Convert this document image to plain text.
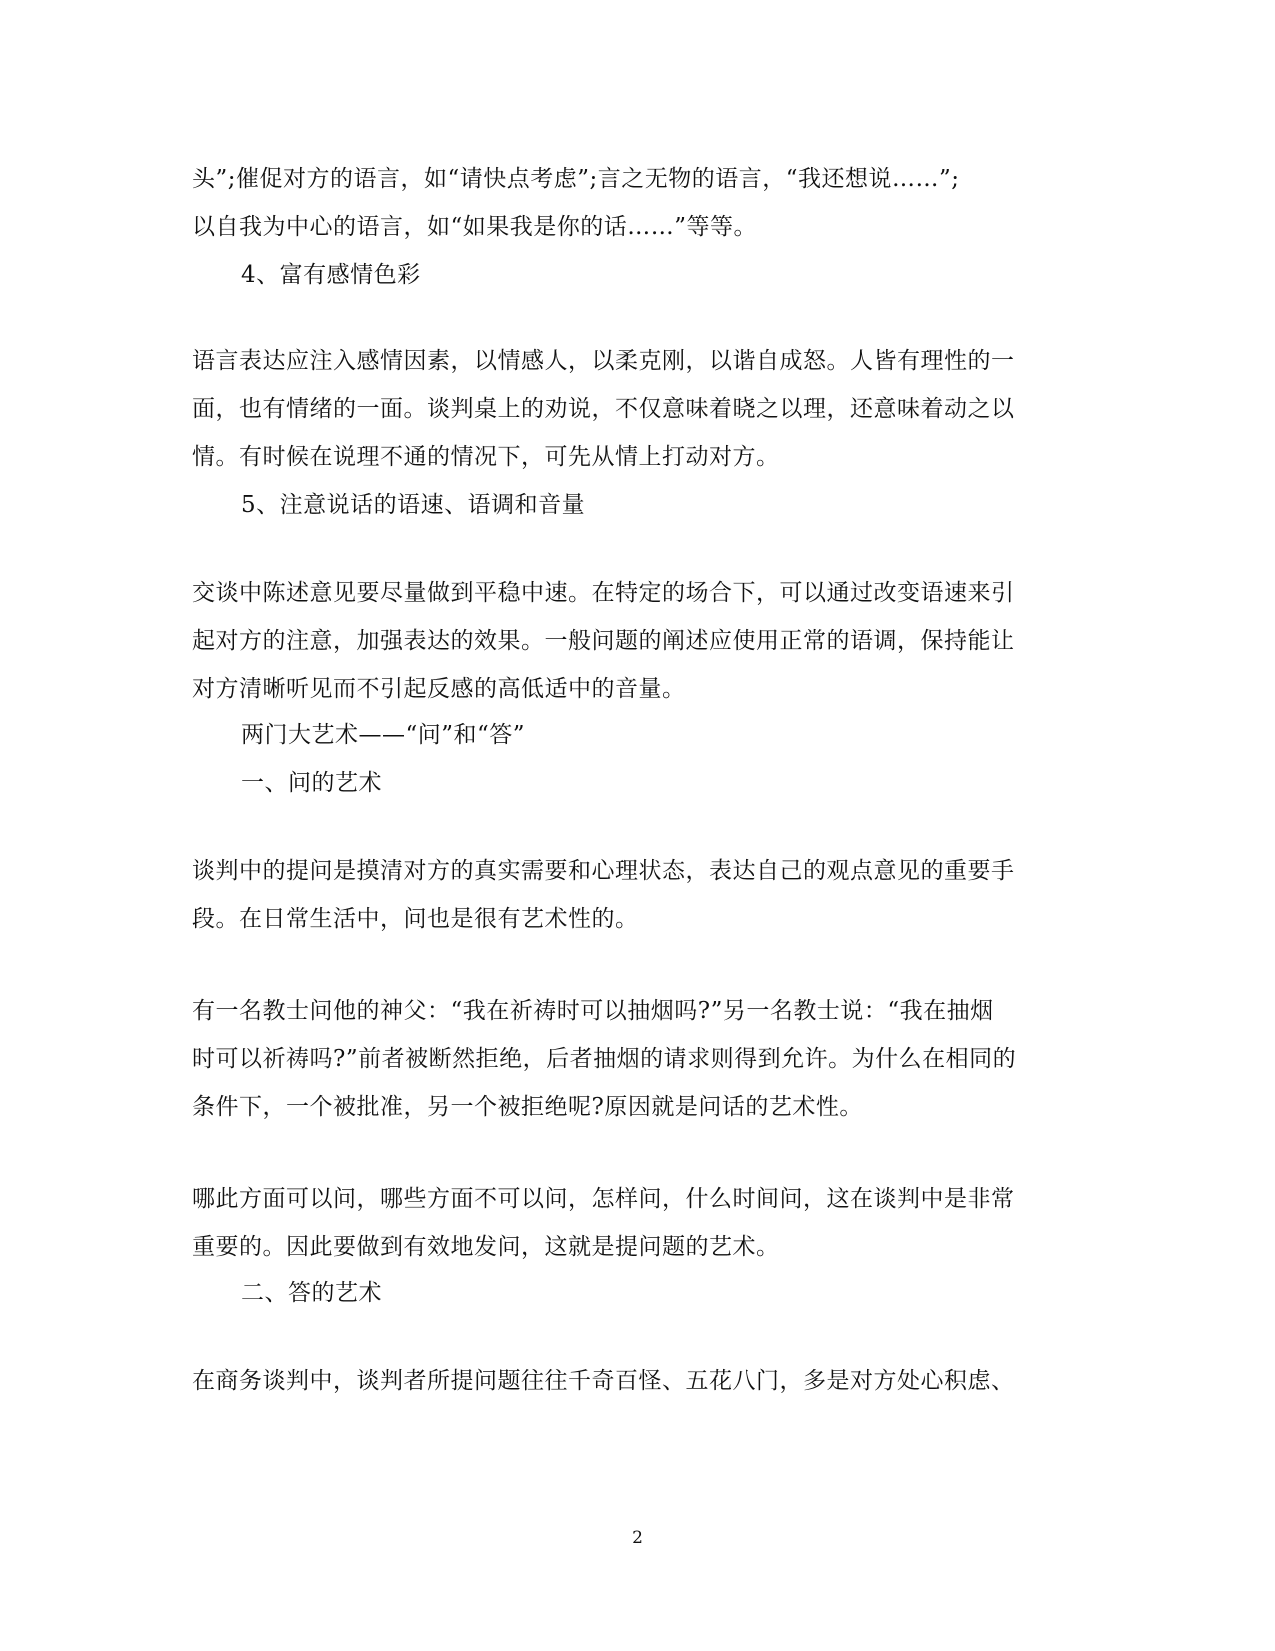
头”;催促对方的语言，如“请快点考虑”;言之无物的语言，“我还想说……”;
以自我为中心的语言，如“如果我是你的话……”等等。
4、富有感情色彩
语言表达应注入感情因素，以情感人，以柔克刚，以谐自成怒。人皆有理性的一
面，也有情绪的一面。谈判桌上的劝说，不仅意味着晓之以理，还意味着动之以
情。有时候在说理不通的情况下，可先从情上打动对方。
5、注意说话的语速、语调和音量
交谈中陈述意见要尽量做到平稳中速。在特定的场合下，可以通过改变语速来引
起对方的注意，加强表达的效果。一般问题的阐述应使用正常的语调，保持能让
对方清晰听见而不引起反感的高低适中的音量。
两门大艺术——“问”和“答”
一、问的艺术
谈判中的提问是摸清对方的真实需要和心理状态，表达自己的观点意见的重要手
段。在日常生活中，问也是很有艺术性的。
有一名教士问他的神父：“我在祈祷时可以抽烟吗?”另一名教士说：“我在抽烟
时可以祈祷吗?”前者被断然拒绝，后者抽烟的请求则得到允许。为什么在相同的
条件下，一个被批准，另一个被拒绝呢?原因就是问话的艺术性。
哪此方面可以问，哪些方面不可以问，怎样问，什么时间问，这在谈判中是非常
重要的。因此要做到有效地发问，这就是提问题的艺术。
二、答的艺术
在商务谈判中，谈判者所提问题往往千奇百怪、五花八门，多是对方处心积虑、
2
